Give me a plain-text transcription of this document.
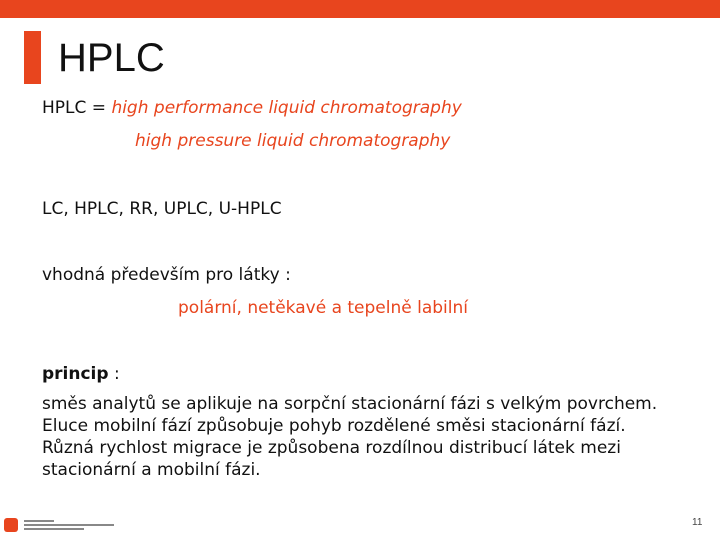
HPLC
HPLC = high performance liquid chromatography
high pressure liquid chromatography
LC, HPLC, RR, UPLC, U-HPLC
vhodná především pro látky :
polární, netěkavé a tepelně labilní
princip :

směs analytů se aplikuje na sorpční stacionární fázi s velkým povrchem. Eluce mobilní fází způsobuje pohyb rozdělené směsi stacionární fází. Různá rychlost migrace je způsobena rozdílnou distribucí látek mezi stacionární a mobilní fázi.

11
